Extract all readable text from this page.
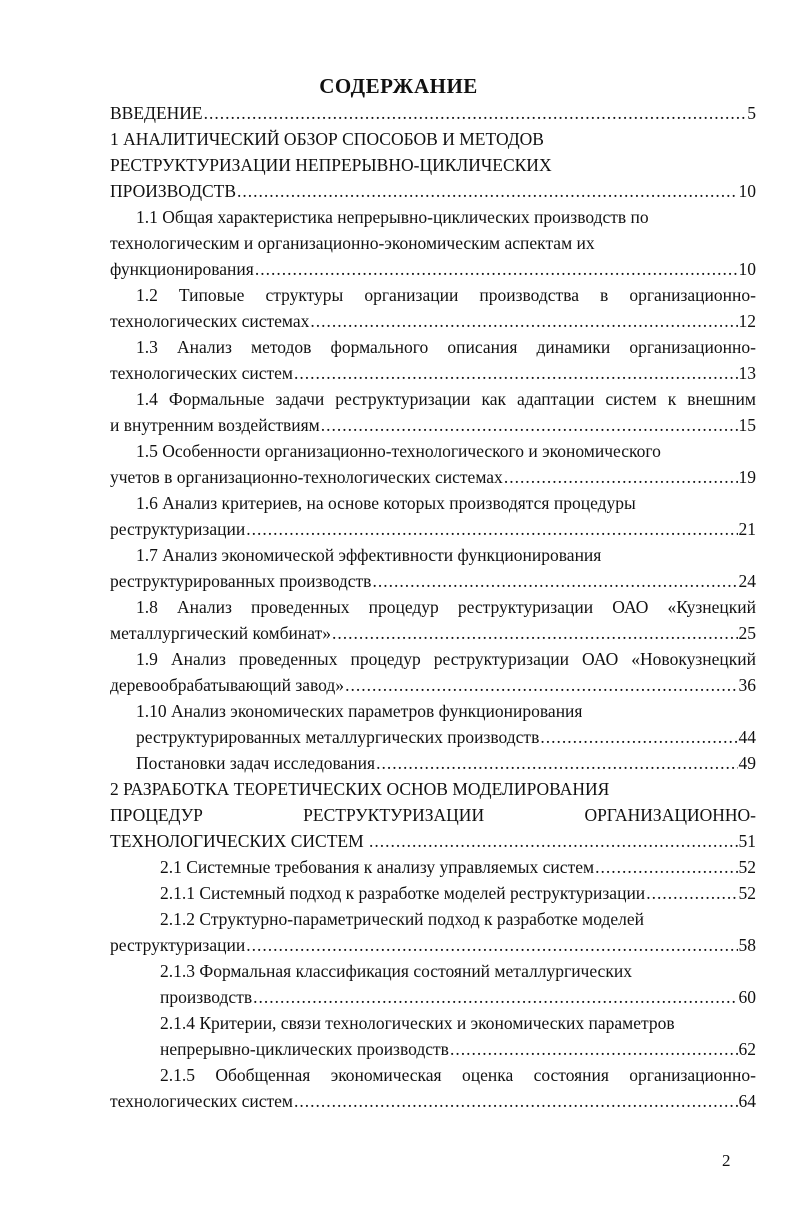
СОДЕРЖАНИЕ
ВВЕДЕНИЕ .....	5
1 АНАЛИТИЧЕСКИЙ ОБЗОР СПОСОБОВ И МЕТОДОВ
РЕСТРУКТУРИЗАЦИИ НЕПРЕРЫВНО-ЦИКЛИЧЕСКИХ
ПРОИЗВОДСТВ .....	10
1.1 Общая характеристика непрерывно-циклических производств по
технологическим и организационно-экономическим аспектам их
функционирования .....	10
1.2 Типовые структуры организации производства в организационно-
технологических системах .....	12
1.3 Анализ методов формального описания динамики организационно-
технологических систем .....	13
1.4 Формальные задачи реструктуризации как адаптации систем к внешним
и внутренним воздействиям .....	15
1.5 Особенности организационно-технологического и экономического
учетов в организационно-технологических системах .....	19
1.6 Анализ критериев, на основе которых производятся процедуры
реструктуризации .....	21
1.7 Анализ экономической эффективности функционирования
реструктурированных производств .....	24
1.8 Анализ проведенных процедур реструктуризации ОАО «Кузнецкий
металлургический комбинат» .....	25
1.9 Анализ проведенных процедур реструктуризации ОАО «Новокузнецкий
деревообрабатывающий завод» .....	36
1.10 Анализ экономических параметров функционирования
реструктурированных металлургических производств .....	44
Постановки задач исследования .....	49
2 РАЗРАБОТКА ТЕОРЕТИЧЕСКИХ ОСНОВ МОДЕЛИРОВАНИЯ
ПРОЦЕДУР	РЕСТРУКТУРИЗАЦИИ	ОРГАНИЗАЦИОННО-
ТЕХНОЛОГИЧЕСКИХ СИСТЕМ .....	51
2.1 Системные требования к анализу управляемых систем .....	52
2.1.1 Системный подход к разработке моделей реструктуризации .....	52
2.1.2 Структурно-параметрический подход к разработке моделей
реструктуризации .....	58
2.1.3 Формальная классификация состояний металлургических
производств .....	60
2.1.4 Критерии, связи технологических и экономических параметров
непрерывно-циклических производств .....	62
2.1.5 Обобщенная экономическая оценка состояния организационно-
технологических систем .....	64
2
